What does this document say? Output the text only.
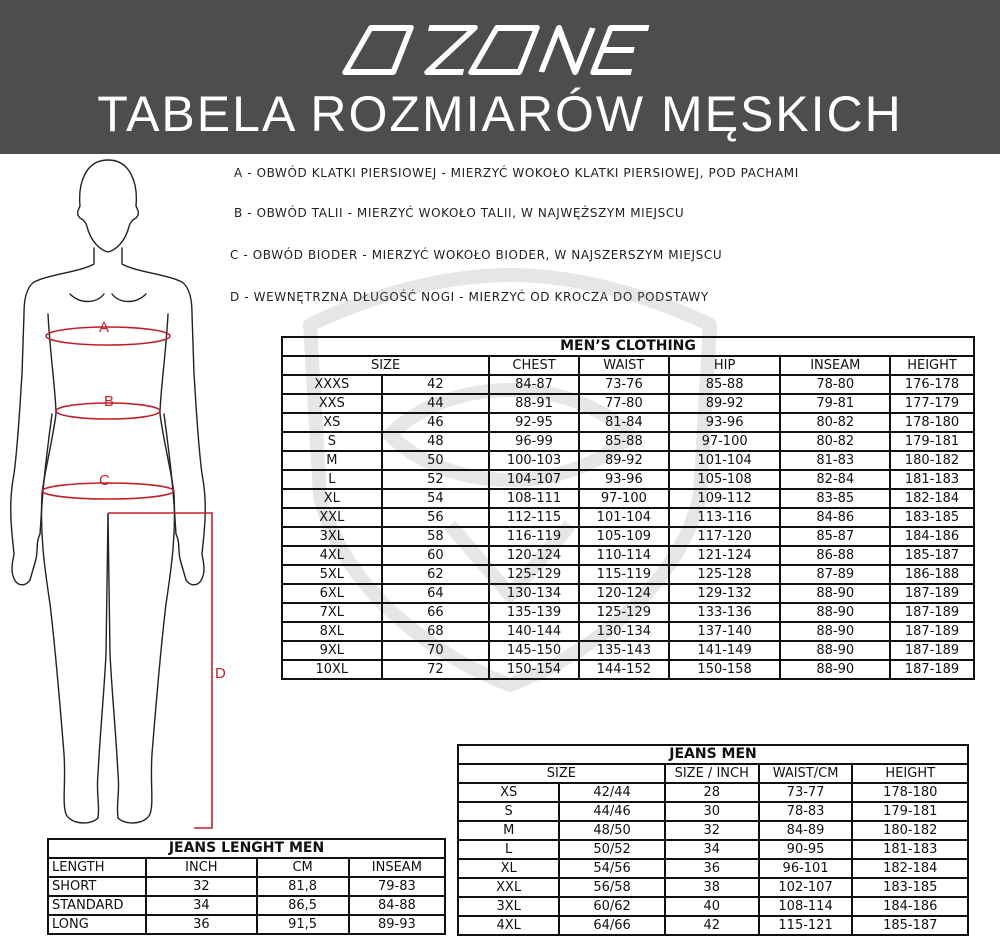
OZONE
TABELA ROZMIARÓW MĘSKICH
A
B
C
D
A - OBWÓD KLATKI PIERSIOWEJ - MIERZYĆ WOKOŁO KLATKI PIERSIOWEJ, POD PACHAMI
B - OBWÓD TALII - MIERZYĆ WOKOŁO TALII, W NAJWĘŻSZYM MIEJSCU
C - OBWÓD BIODER - MIERZYĆ WOKOŁO BIODER, W NAJSZERSZYM MIEJSCU
D - WEWNĘTRZNA DŁUGOŚĆ NOGI - MIERZYĆ OD KROCZA DO PODSTAWY
MEN’S CLOTHING						
SIZE		CHEST	WAIST	HIP	INSEAM	HEIGHT
XXXS	42	84-87	73-76	85-88	78-80	176-178
XXS	44	88-91	77-80	89-92	79-81	177-179
XS	46	92-95	81-84	93-96	80-82	178-180
S	48	96-99	85-88	97-100	80-82	179-181
M	50	100-103	89-92	101-104	81-83	180-182
L	52	104-107	93-96	105-108	82-84	181-183
XL	54	108-111	97-100	109-112	83-85	182-184
XXL	56	112-115	101-104	113-116	84-86	183-185
3XL	58	116-119	105-109	117-120	85-87	184-186
4XL	60	120-124	110-114	121-124	86-88	185-187
5XL	62	125-129	115-119	125-128	87-89	186-188
6XL	64	130-134	120-124	129-132	88-90	187-189
7XL	66	135-139	125-129	133-136	88-90	187-189
8XL	68	140-144	130-134	137-140	88-90	187-189
9XL	70	145-150	135-143	141-149	88-90	187-189
10XL	72	150-154	144-152	150-158	88-90	187-189
JEANS MEN				
SIZE		SIZE / INCH	WAIST/CM	HEIGHT
XS	42/44	28	73-77	178-180
S	44/46	30	78-83	179-181
M	48/50	32	84-89	180-182
L	50/52	34	90-95	181-183
XL	54/56	36	96-101	182-184
XXL	56/58	38	102-107	183-185
3XL	60/62	40	108-114	184-186
4XL	64/66	42	115-121	185-187
JEANS LENGHT MEN			
LENGTH	INCH	CM	INSEAM
SHORT	32	81,8	79-83
STANDARD	34	86,5	84-88
LONG	36	91,5	89-93
